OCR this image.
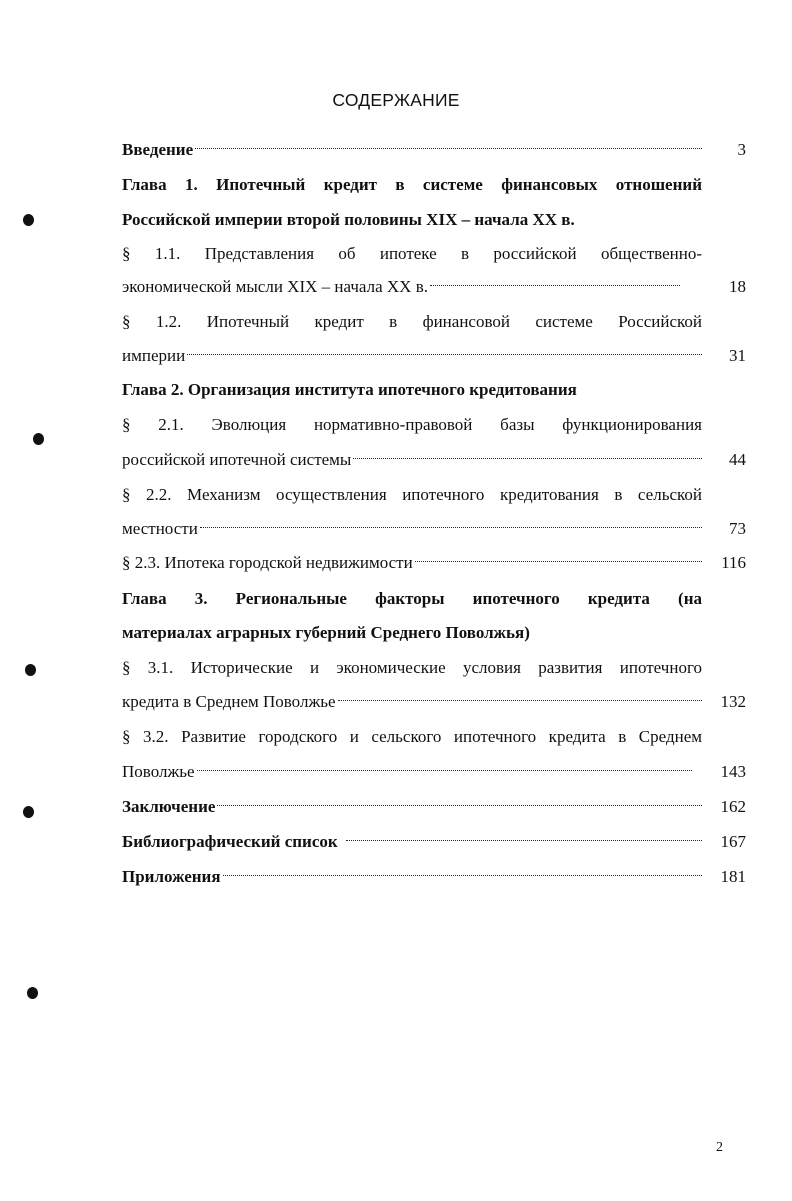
СОДЕРЖАНИЕ
Введение	3
Глава 1. Ипотечный кредит в системе финансовых отношений
Российской империи второй половины XIX – начала XX в.
§ 1.1. Представления об ипотеке в российской общественно-
экономической мысли XIX – начала XX в.	18
§ 1.2. Ипотечный кредит в финансовой системе Российской
империи	31
Глава 2. Организация института ипотечного кредитования
§ 2.1. Эволюция нормативно-правовой базы функционирования
российской ипотечной системы	44
§ 2.2. Механизм осуществления ипотечного кредитования в сельской
местности	73
§ 2.3. Ипотека городской недвижимости	116
Глава 3. Региональные факторы ипотечного кредита (на
материалах аграрных губерний Среднего Поволжья)
§ 3.1. Исторические и экономические условия развития ипотечного
кредита в Среднем Поволжье	132
§ 3.2. Развитие городского и сельского ипотечного кредита в Среднем
Поволжье	143
Заключение	162
Библиографический список	167
Приложения	181
2
